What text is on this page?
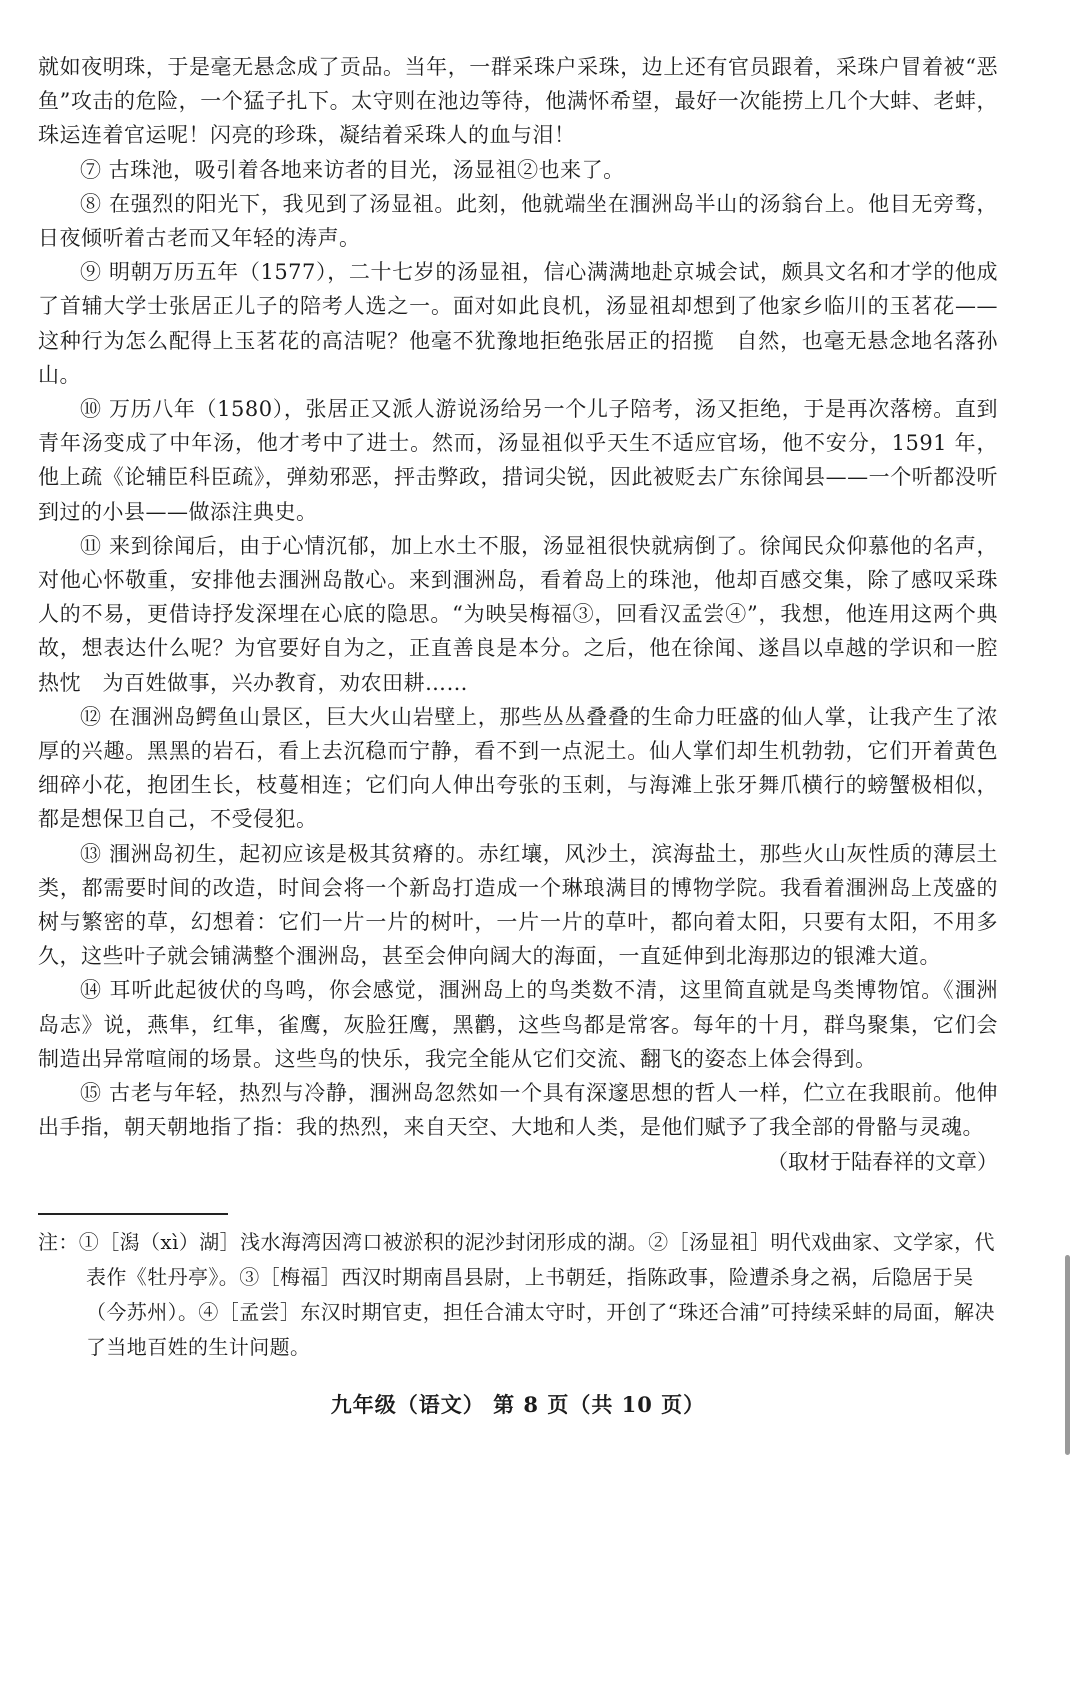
就如夜明珠，于是毫无悬念成了贡品。当年，一群采珠户采珠，边上还有官员跟着，采珠户冒着被“恶鱼”攻击的危险，一个猛子扎下。太守则在池边等待，他满怀希望，最好一次能捞上几个大蚌、老蚌，珠运连着官运呢！闪亮的珍珠，凝结着采珠人的血与泪！

⑦ 古珠池，吸引着各地来访者的目光，汤显祖②也来了。

⑧ 在强烈的阳光下，我见到了汤显祖。此刻，他就端坐在涠洲岛半山的汤翁台上。他目无旁骛，日夜倾听着古老而又年轻的涛声。

⑨ 明朝万历五年（1577），二十七岁的汤显祖，信心满满地赴京城会试，颇具文名和才学的他成了首辅大学士张居正儿子的陪考人选之一。面对如此良机，汤显祖却想到了他家乡临川的玉茗花——这种行为怎么配得上玉茗花的高洁呢？他毫不犹豫地拒绝张居正的招揽　自然，也毫无悬念地名落孙山。

⑩ 万历八年（1580），张居正又派人游说汤给另一个儿子陪考，汤又拒绝，于是再次落榜。直到青年汤变成了中年汤，他才考中了进士。然而，汤显祖似乎天生不适应官场，他不安分，1591 年，他上疏《论辅臣科臣疏》，弹劾邪恶，抨击弊政，措词尖锐，因此被贬去广东徐闻县——一个听都没听到过的小县——做添注典史。

⑪ 来到徐闻后，由于心情沉郁，加上水土不服，汤显祖很快就病倒了。徐闻民众仰慕他的名声，对他心怀敬重，安排他去涠洲岛散心。来到涠洲岛，看着岛上的珠池，他却百感交集，除了感叹采珠人的不易，更借诗抒发深埋在心底的隐思。“为映吴梅福③，回看汉孟尝④”，我想，他连用这两个典故，想表达什么呢？为官要好自为之，正直善良是本分。之后，他在徐闻、遂昌以卓越的学识和一腔热忱　为百姓做事，兴办教育，劝农田耕……

⑫ 在涠洲岛鳄鱼山景区，巨大火山岩壁上，那些丛丛叠叠的生命力旺盛的仙人掌，让我产生了浓厚的兴趣。黑黑的岩石，看上去沉稳而宁静，看不到一点泥土。仙人掌们却生机勃勃，它们开着黄色细碎小花，抱团生长，枝蔓相连；它们向人伸出夸张的玉刺，与海滩上张牙舞爪横行的螃蟹极相似，都是想保卫自己，不受侵犯。

⑬ 涠洲岛初生，起初应该是极其贫瘠的。赤红壤，风沙土，滨海盐土，那些火山灰性质的薄层土类，都需要时间的改造，时间会将一个新岛打造成一个琳琅满目的博物学院。我看着涠洲岛上茂盛的树与繁密的草，幻想着：它们一片一片的树叶，一片一片的草叶，都向着太阳，只要有太阳，不用多久，这些叶子就会铺满整个涠洲岛，甚至会伸向阔大的海面，一直延伸到北海那边的银滩大道。

⑭ 耳听此起彼伏的鸟鸣，你会感觉，涠洲岛上的鸟类数不清，这里简直就是鸟类博物馆。《涠洲岛志》说，燕隼，红隼，雀鹰，灰脸狂鹰，黑鹳，这些鸟都是常客。每年的十月，群鸟聚集，它们会制造出异常喧闹的场景。这些鸟的快乐，我完全能从它们交流、翻飞的姿态上体会得到。

⑮ 古老与年轻，热烈与冷静，涠洲岛忽然如一个具有深邃思想的哲人一样，伫立在我眼前。他伸出手指，朝天朝地指了指：我的热烈，来自天空、大地和人类，是他们赋予了我全部的骨骼与灵魂。

（取材于陆春祥的文章）

注：①［潟（xì）湖］浅水海湾因湾口被淤积的泥沙封闭形成的湖。②［汤显祖］明代戏曲家、文学家，代表作《牡丹亭》。③［梅福］西汉时期南昌县尉，上书朝廷，指陈政事，险遭杀身之祸，后隐居于吴（今苏州）。④［孟尝］东汉时期官吏，担任合浦太守时，开创了“珠还合浦”可持续采蚌的局面，解决了当地百姓的生计问题。

九年级（语文） 第 8 页（共 10 页）
